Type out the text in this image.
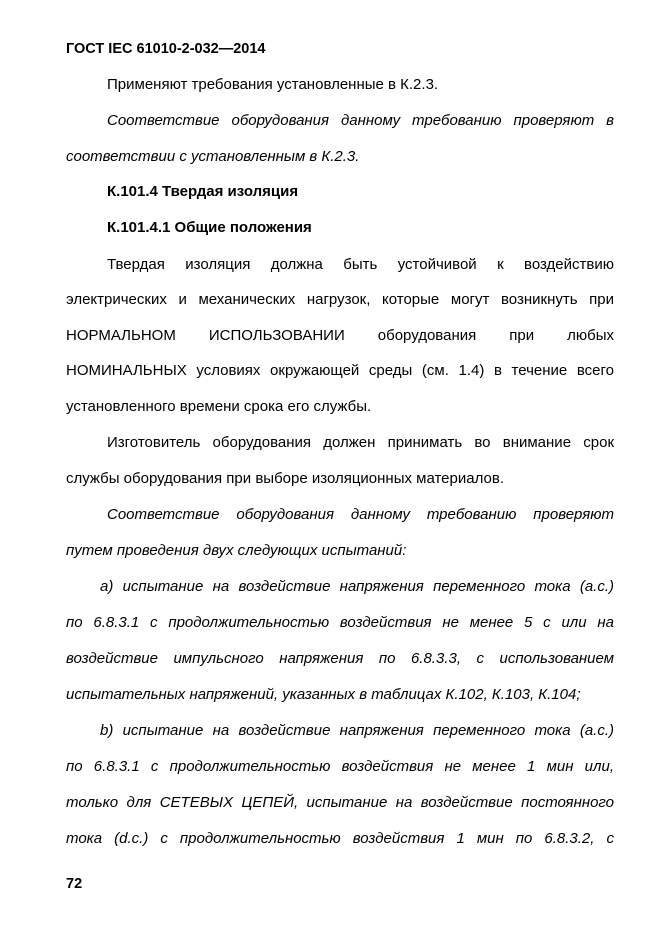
ГОСТ IEC 61010-2-032—2014

Применяют требования установленные в К.2.3.

Соответствие оборудования данному требованию проверяют в

соответствии с установленным в К.2.3.

К.101.4 Твердая изоляция

К.101.4.1 Общие положения

Твердая изоляция должна быть устойчивой к воздействию

электрических и механических нагрузок, которые могут возникнуть при

НОРМАЛЬНОМ ИСПОЛЬЗОВАНИИ оборудования при любых

НОМИНАЛЬНЫХ условиях окружающей среды (см. 1.4) в течение всего

установленного времени срока его службы.

Изготовитель оборудования должен принимать во внимание срок

службы оборудования при выборе изоляционных материалов.

Соответствие оборудования данному требованию проверяют

путем проведения двух следующих испытаний:

a) испытание на воздействие напряжения переменного тока (a.c.)

по 6.8.3.1 с продолжительностью воздействия не менее 5 с или на

воздействие импульсного напряжения по 6.8.3.3, с использованием

испытательных напряжений, указанных в таблицах К.102, К.103, К.104;

b) испытание на воздействие напряжения переменного тока (a.c.)

по 6.8.3.1 с продолжительностью воздействия не менее 1 мин или,

только для СЕТЕВЫХ ЦЕПЕЙ, испытание на воздействие постоянного

тока (d.c.) с продолжительностью воздействия 1 мин по 6.8.3.2, с

72
